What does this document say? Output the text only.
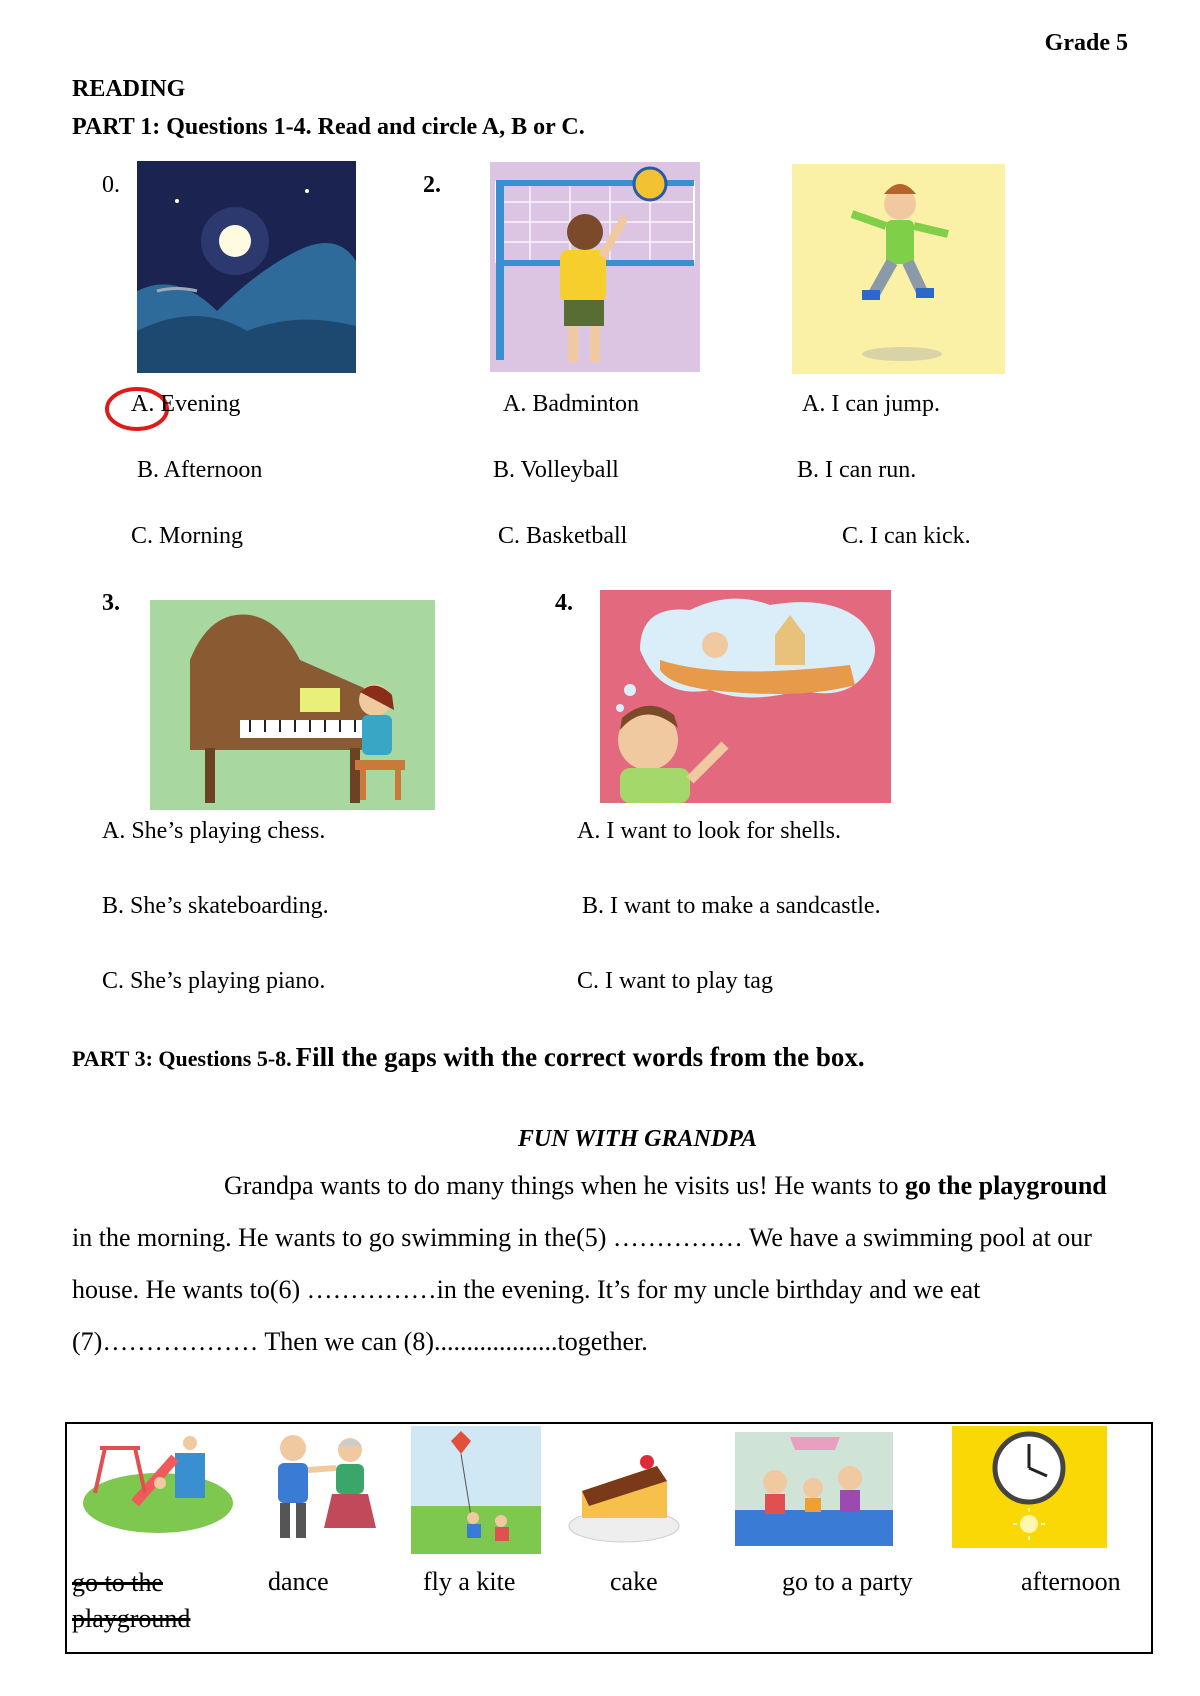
Grade 5
READING
PART 1: Questions 1-4. Read and circle A, B or C.
0.
A. Evening
B. Afternoon
C. Morning
2.
A. Badminton
B. Volleyball
C. Basketball
A. I can jump.
B. I can run.
C. I can kick.
3.
A. She’s playing chess.
B. She’s skateboarding.
C. She’s playing piano.
4.
A. I want to look for shells.
B. I want to make a sandcastle.
C. I want to play tag
PART 3: Questions 5-8. Fill the gaps with the correct words from the box.
FUN WITH GRANDPA
Grandpa wants to do many things when he visits us! He wants to go the playground in the morning. He wants to go swimming in the(5) …………… We have a swimming pool at our house. He wants to(6) ……………in the evening. It’s for my uncle birthday and we eat (7)……………… Then we can (8)...................together.
go to the playground
dance	fly a kite	cake	go to a party	afternoon
